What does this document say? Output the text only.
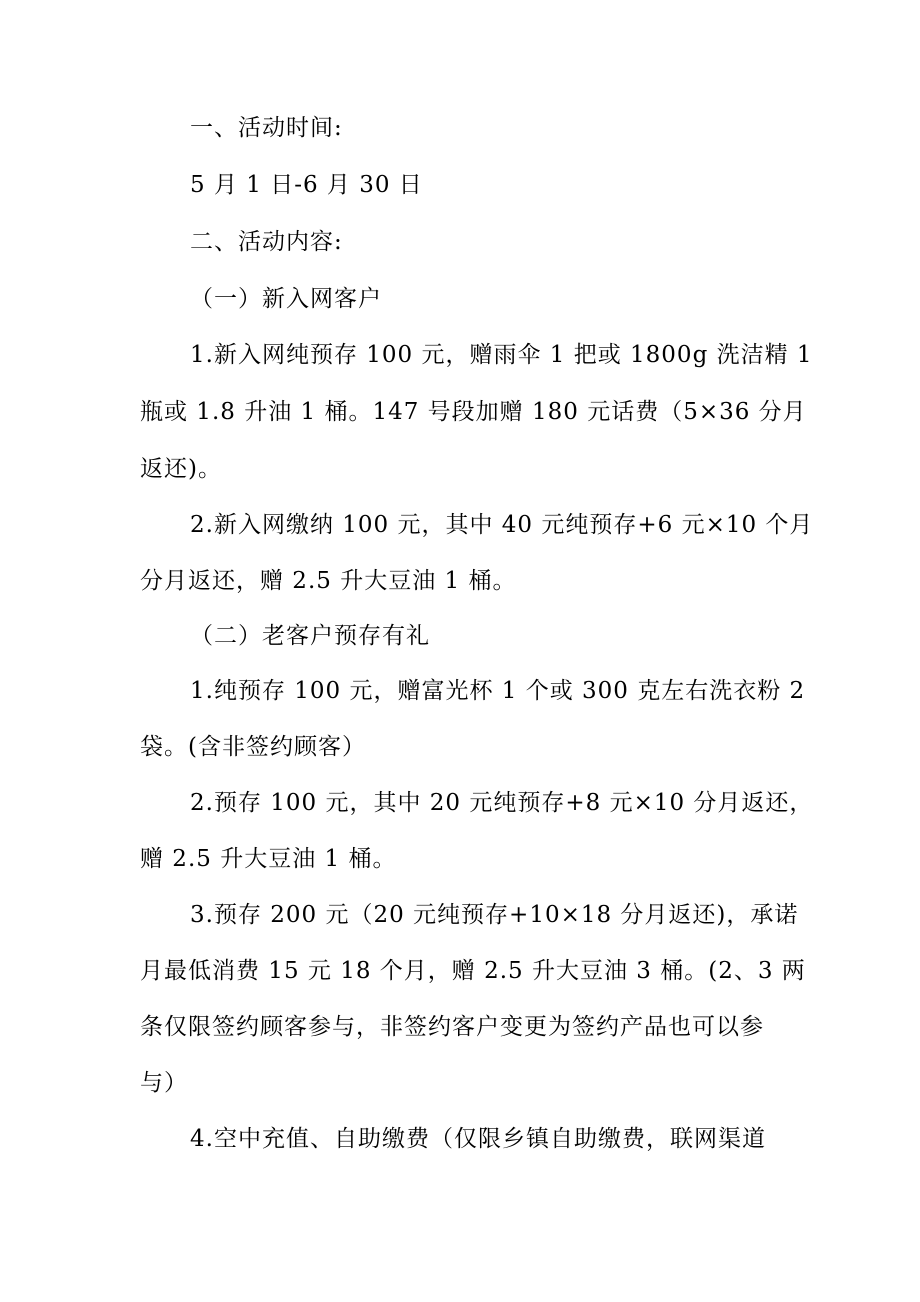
一、活动时间:
5 月 1 日-6 月 30 日
二、活动内容:
（一）新入网客户
1.新入网纯预存 100 元，赠雨伞 1 把或 1800g 洗洁精 1
瓶或 1.8 升油 1 桶。147 号段加赠 180 元话费（5×36 分月
返还)。
2.新入网缴纳 100 元，其中 40 元纯预存+6 元×10 个月
分月返还，赠 2.5 升大豆油 1 桶。
（二）老客户预存有礼
1.纯预存 100 元，赠富光杯 1 个或 300 克左右洗衣粉 2
袋。(含非签约顾客）
2.预存 100 元，其中 20 元纯预存+8 元×10 分月返还，
赠 2.5 升大豆油 1 桶。
3.预存 200 元（20 元纯预存+10×18 分月返还)，承诺
月最低消费 15 元 18 个月，赠 2.5 升大豆油 3 桶。(2、3 两
条仅限签约顾客参与，非签约客户变更为签约产品也可以参
与）
4.空中充值、自助缴费（仅限乡镇自助缴费，联网渠道
